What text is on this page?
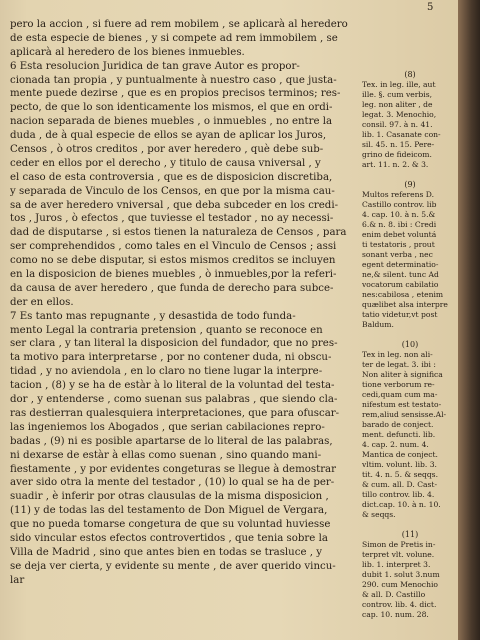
5
pero la accion , si fuere ad rem mobilem , se aplicarà al heredero
de esta especie de bienes , y si compete ad rem immobilem , se
aplicarà al heredero de los bienes inmuebles.
6 Esta resolucion Juridica de tan grave Autor es propor-
cionada tan propia , y puntualmente à nuestro caso , que justa-
mente puede dezirse , que es en propios precisos terminos; res-
pecto, de que lo son identicamente los mismos, el que en ordi-
nacion separada de bienes muebles , o inmuebles , no entre la
duda , de à qual especie de ellos se ayan de aplicar los Juros,
Censos , ò otros creditos , por aver heredero , què debe sub-
ceder en ellos por el derecho , y titulo de causa vniversal , y
el caso de esta controversia , que es de disposicion discretiba,
y separada de Vinculo de los Censos, en que por la misma cau-
sa de aver heredero vniversal , que deba subceder en los credi-
tos , Juros , ò efectos , que tuviesse el testador , no ay necessi-
dad de disputarse , si estos tienen la naturaleza de Censos , para
ser comprehendidos , como tales en el Vinculo de Censos ; assi
como no se debe disputar, si estos mismos creditos se incluyen
en la disposicion de bienes muebles , ò inmuebles,por la referi-
da causa de aver heredero , que funda de derecho para subce-
der en ellos.
7 Es tanto mas repugnante , y desastida de todo funda-
mento Legal la contraria pretension , quanto se reconoce en
ser clara , y tan literal la disposicion del fundador, que no pres-
ta motivo para interpretarse , por no contener duda, ni obscu-
tidad , y no aviendola , en lo claro no tiene lugar la interpre-
tacion , (8) y se ha de estàr à lo literal de la voluntad del testa-
dor , y entenderse , como suenan sus palabras , que siendo cla-
ras destierran qualesquiera interpretaciones, que para ofuscar-
las ingeniemos los Abogados , que serian cabilaciones repro-
badas , (9) ni es posible apartarse de lo literal de las palabras,
ni dexarse de estàr à ellas como suenan , sino quando mani-
fiestamente , y por evidentes congeturas se llegue à demostrar
aver sido otra la mente del testador , (10) lo qual se ha de per-
suadir , è inferir por otras clausulas de la misma disposicion ,
(11) y de todas las del testamento de Don Miguel de Vergara,
que no pueda tomarse congetura de que su voluntad huviesse
sido vincular estos efectos controvertidos , que tenia sobre la
Villa de Madrid , sino que antes bien en todas se trasluce , y
se deja ver cierta, y evidente su mente , de aver querido vincu-
lar
(8)
Tex. in leg. ille, aut
ille. §. cum verbis,
leg. non aliter , de
legat. 3. Menochio,
consil. 97. à n. 41.
lib. 1. Casanate con-
sil. 45. n. 15. Pere-
grino de fideicom.
art. 11. n. 2. & 3.
(9)
Multos referens D.
Castillo controv. lib
4. cap. 10. à n. 5.&
6.& n. 8. ibi : Credi
enim debet voluntá
ti testatoris , prout
sonant verba , nec
egent determinatio-
ne,& silent. tunc Ad
vocatorum cabilatio
nes:cabilosa , etenim
quælibet alsa interpre
tatio videtur,vt post
Baldum.
(10)
Tex in leg. non ali-
ter de legat. 3. ibi :
Non aliter à significa
tione verborum re-
cedi,quam cum ma-
nifestum est testato-
rem,aliud sensisse.Al-
barado de conject.
ment. defuncti. lib.
4. cap. 2. num. 4.
Mantica de conject.
vltim. volunt. lib. 3.
tit. 4. n. 5. & seqqs.
& cum. all. D. Cast-
tillo controv. lib. 4.
dict.cap. 10. à n. 10.
& seqqs.
(11)
Simon de Pretis in-
terpret vlt. volune.
lib. 1. interpret 3.
dubit 1. solut 3.num
290. cum Menochio
& all. D. Castillo
controv. lib. 4. dict.
cap. 10. num. 28.
